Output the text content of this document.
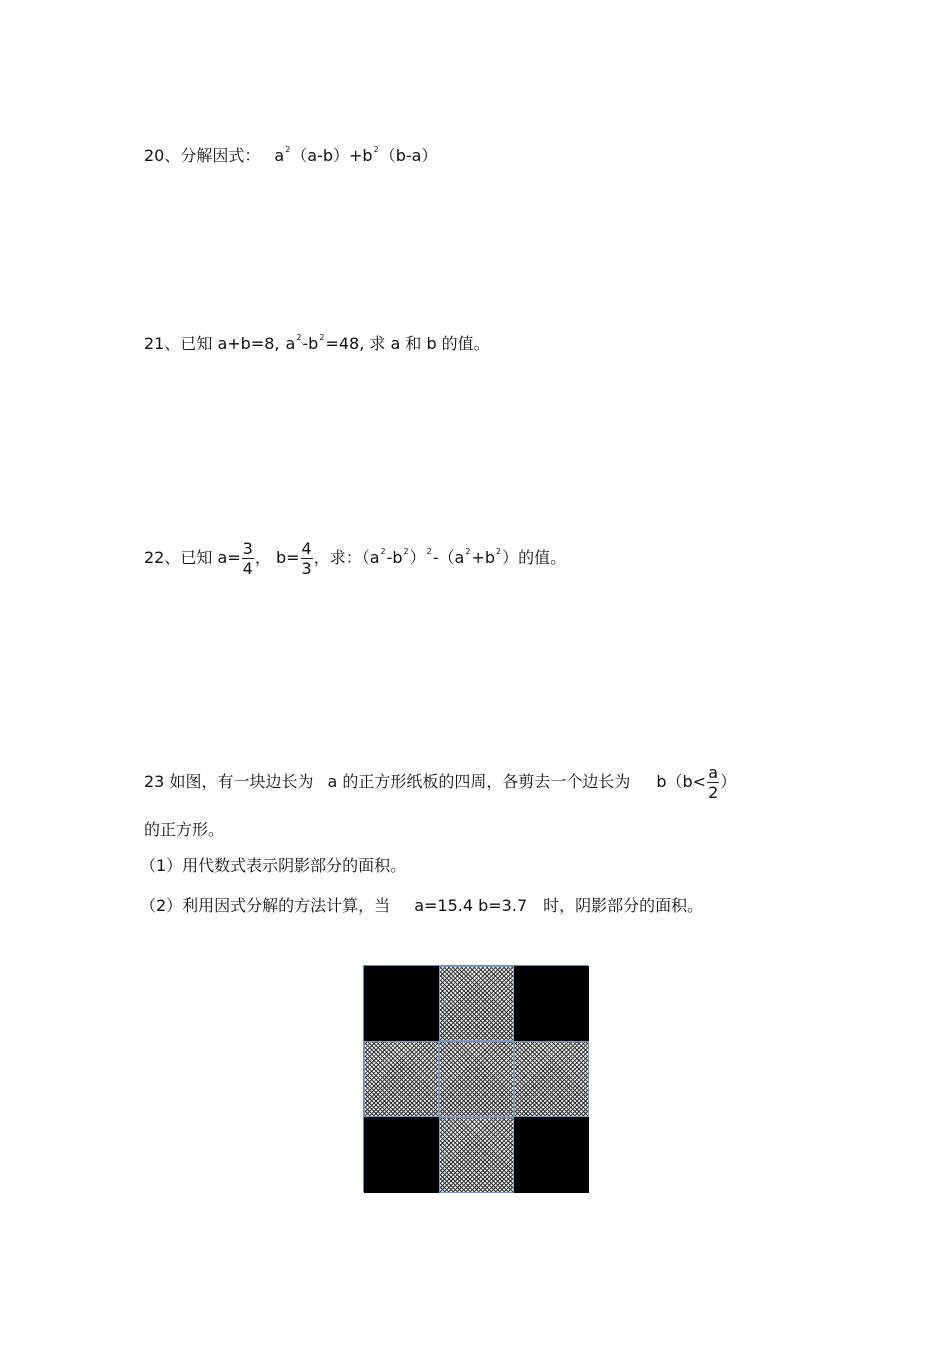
20、分解因式： $a^2(a-b)+b^2(b-a)$
21、已知 a+b=8, $a^2-b^2=48$, 求 a 和 b 的值。
22、已知 $a= \frac{3}{4}$ ， $b= \frac{4}{3}$ ，求：$(a^2-b^2)^2-(a^2+b^2)$的值。
23 如图，有一块边长为 a 的正方形纸板的四周，各剪去一个边长为 $b(b< \frac{a}{2}$ ）
的正方形。
（1）用代数式表示阴影部分的面积。
（2）利用因式分解的方法计算，当 a=15.4 b=3.7 时，阴影部分的面积。
